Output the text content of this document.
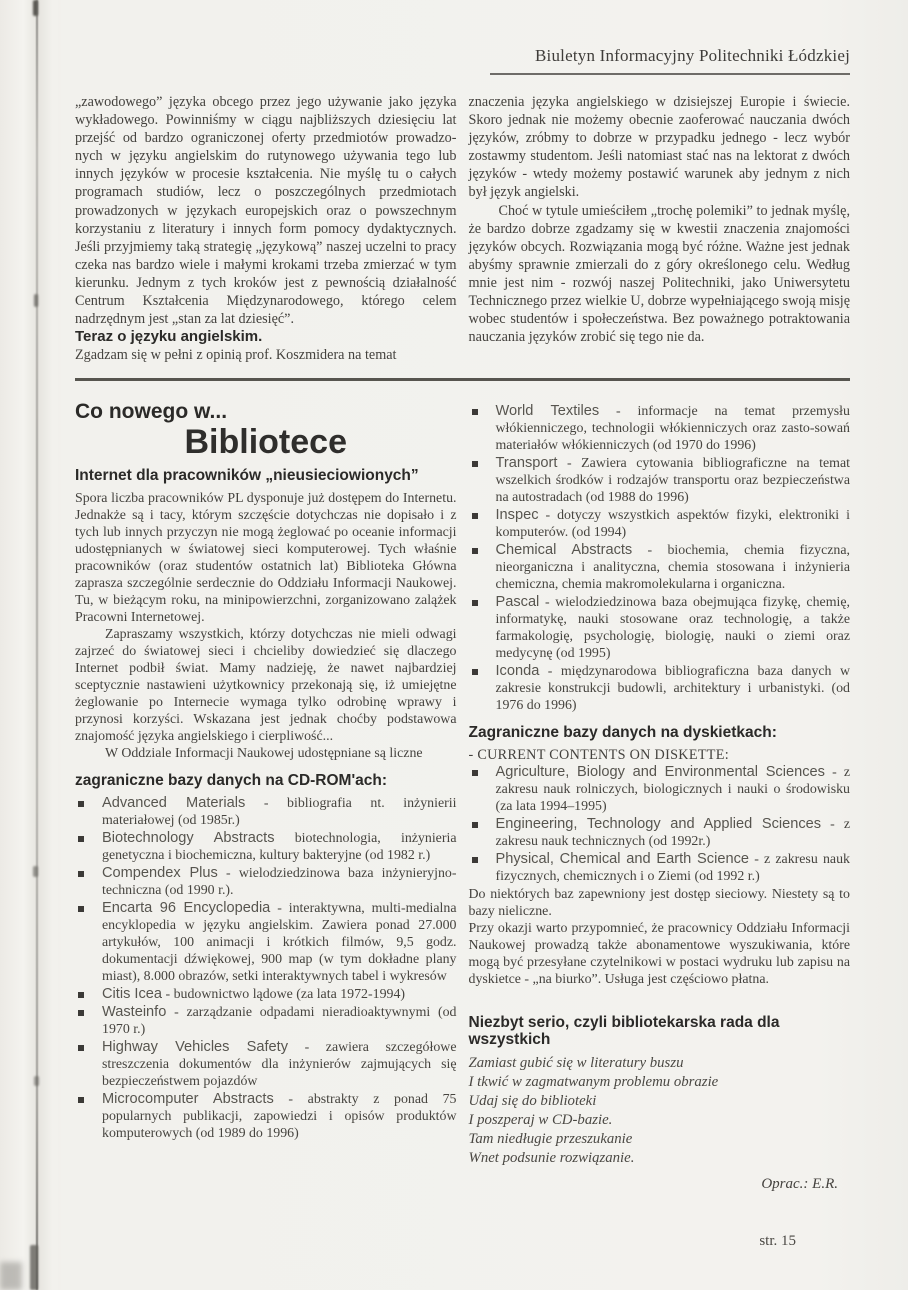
Biuletyn Informacyjny Politechniki Łódzkiej

„zawodowego” języka obcego przez jego używanie jako języka wykładowego. Powinniśmy w ciągu najbliższych dziesięciu lat przejść od bardzo ograniczonej oferty przedmiotów prowadzo-nych w języku angielskim do rutynowego używania tego lub innych języków w procesie kształcenia. Nie myślę tu o całych programach studiów, lecz o poszczególnych przedmiotach prowadzonych w językach europejskich oraz o powszechnym korzystaniu z literatury i innych form pomocy dydaktycznych. Jeśli przyjmiemy taką strategię „językową” naszej uczelni to pracy czeka nas bardzo wiele i małymi krokami trzeba zmierzać w tym kierunku. Jednym z tych kroków jest z pewnością działalność Centrum Kształcenia Międzynarodowego, którego celem nadrzędnym jest „stan za lat dziesięć”.

Teraz o języku angielskim.

Zgadzam się w pełni z opinią prof. Koszmidera na temat

znaczenia języka angielskiego w dzisiejszej Europie i świecie. Skoro jednak nie możemy obecnie zaoferować nauczania dwóch języków, zróbmy to dobrze w przypadku jednego - lecz wybór zostawmy studentom. Jeśli natomiast stać nas na lektorat z dwóch języków - wtedy możemy postawić warunek aby jednym z nich był język angielski.

Choć w tytule umieściłem „trochę polemiki” to jednak myślę, że bardzo dobrze zgadzamy się w kwestii znaczenia znajomości języków obcych. Rozwiązania mogą być różne. Ważne jest jednak abyśmy sprawnie zmierzali do z góry określonego celu. Według mnie jest nim - rozwój naszej Politechniki, jako Uniwersytetu Technicznego przez wielkie U, dobrze wypełniającego swoją misję wobec studentów i społeczeństwa. Bez poważnego potraktowania nauczania języków zrobić się tego nie da.

Co nowego w...
Bibliotece
Internet dla pracowników „nieusieciowionych”

Spora liczba pracowników PL dysponuje już dostępem do Internetu. Jednakże są i tacy, którym szczęście dotychczas nie dopisało i z tych lub innych przyczyn nie mogą żeglować po oceanie informacji udostępnianych w światowej sieci komputerowej. Tych właśnie pracowników (oraz studentów ostatnich lat) Biblioteka Główna zaprasza szczególnie serdecznie do Oddziału Informacji Naukowej. Tu, w bieżącym roku, na minipowierzchni, zorganizowano zalążek Pracowni Internetowej.

Zapraszamy wszystkich, którzy dotychczas nie mieli odwagi zajrzeć do światowej sieci i chcieliby dowiedzieć się dlaczego Internet podbił świat. Mamy nadzieję, że nawet najbardziej sceptycznie nastawieni użytkownicy przekonają się, iż umiejętne żeglowanie po Internecie wymaga tylko odrobinę wprawy i przynosi korzyści. Wskazana jest jednak choćby podstawowa znajomość języka angielskiego i cierpliwość...

W Oddziale Informacji Naukowej udostępniane są liczne

zagraniczne bazy danych na CD-ROM'ach:
Advanced Materials - bibliografia nt. inżynierii materiałowej (od 1985r.)
Biotechnology Abstracts biotechnologia, inżynieria genetyczna i biochemiczna, kultury bakteryjne (od 1982 r.)
Compendex Plus - wielodziedzinowa baza inżynieryjno-techniczna (od 1990 r.).
Encarta 96 Encyclopedia - interaktywna, multi-medialna encyklopedia w języku angielskim. Zawiera ponad 27.000 artykułów, 100 animacji i krótkich filmów, 9,5 godz. dokumentacji dźwiękowej, 900 map (w tym dokładne plany miast), 8.000 obrazów, setki interaktywnych tabel i wykresów
Citis Icea - budownictwo lądowe (za lata 1972-1994)
Wasteinfo - zarządzanie odpadami nieradioaktywnymi (od 1970 r.)
Highway Vehicles Safety - zawiera szczegółowe streszczenia dokumentów dla inżynierów zajmujących się bezpieczeństwem pojazdów
Microcomputer Abstracts - abstrakty z ponad 75 popularnych publikacji, zapowiedzi i opisów produktów komputerowych (od 1989 do 1996)
World Textiles - informacje na temat przemysłu włókienniczego, technologii włókienniczych oraz zasto-sowań materiałów włókienniczych (od 1970 do 1996)
Transport - Zawiera cytowania bibliograficzne na temat wszelkich środków i rodzajów transportu oraz bezpieczeństwa na autostradach (od 1988 do 1996)
Inspec - dotyczy wszystkich aspektów fizyki, elektroniki i komputerów. (od 1994)
Chemical Abstracts - biochemia, chemia fizyczna, nieorganiczna i analityczna, chemia stosowana i inżynieria chemiczna, chemia makromolekularna i organiczna.
Pascal - wielodziedzinowa baza obejmująca fizykę, chemię, informatykę, nauki stosowane oraz technologię, a także farmakologię, psychologię, biologię, nauki o ziemi oraz medycynę (od 1995)
Iconda - międzynarodowa bibliograficzna baza danych w zakresie konstrukcji budowli, architektury i urbanistyki. (od 1976 do 1996)
Zagraniczne bazy danych na dyskietkach:

- CURRENT CONTENTS ON DISKETTE:

Agriculture, Biology and Environmental Sciences - z zakresu nauk rolniczych, biologicznych i nauki o środowisku (za lata 1994–1995)
Engineering, Technology and Applied Sciences - z zakresu nauk technicznych (od 1992r.)
Physical, Chemical and Earth Science - z zakresu nauk fizycznych, chemicznych i o Ziemi (od 1992 r.)

Do niektórych baz zapewniony jest dostęp sieciowy. Niestety są to bazy nieliczne.

Przy okazji warto przypomnieć, że pracownicy Oddziału Informacji Naukowej prowadzą także abonamentowe wyszukiwania, które mogą być przesyłane czytelnikowi w postaci wydruku lub zapisu na dyskietce - „na biurko”. Usługa jest częściowo płatna.

Niezbyt serio, czyli bibliotekarska rada dla wszystkich
Zamiast gubić się w literatury buszu
I tkwić w zagmatwanym problemu obrazie
Udaj się do biblioteki
I poszperaj w CD-bazie.
Tam niedługie przeszukanie
Wnet podsunie rozwiązanie.
Oprac.: E.R.
str. 15
